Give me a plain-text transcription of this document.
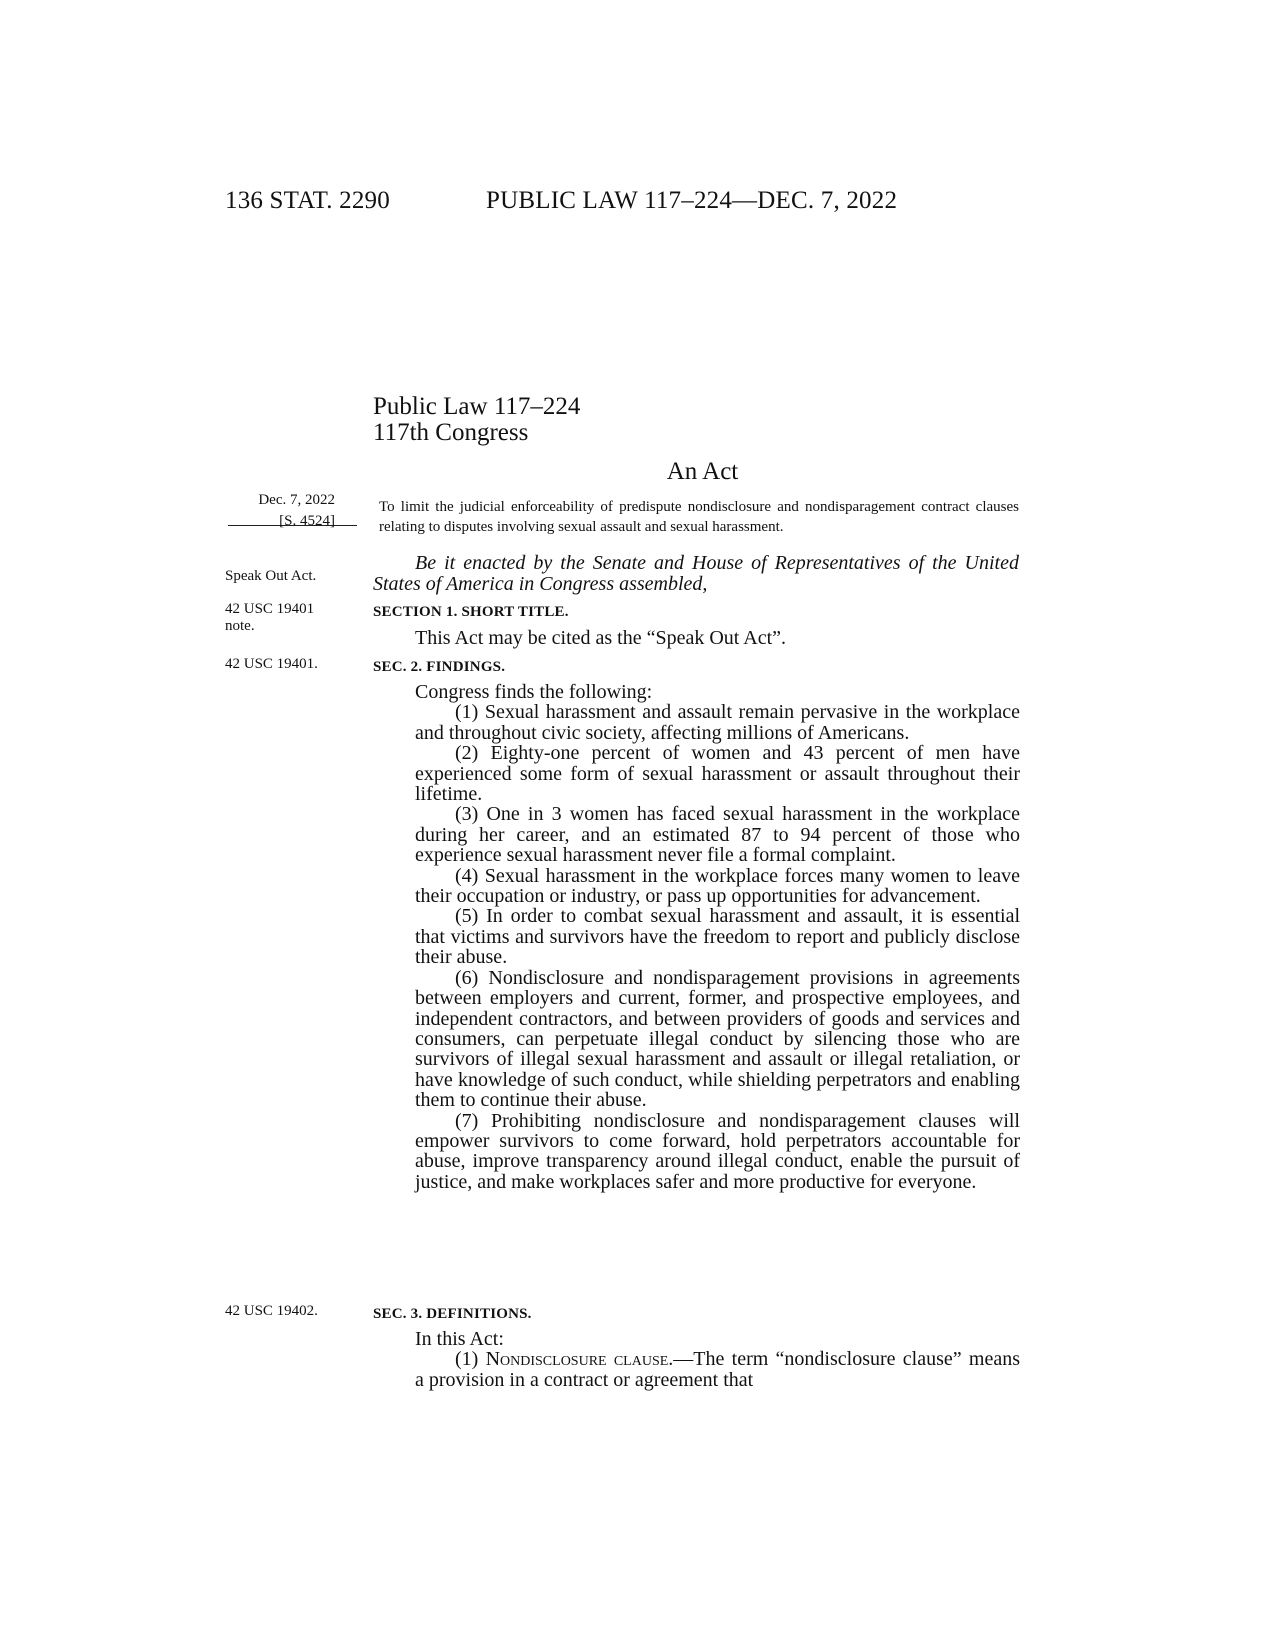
136 STAT. 2290	PUBLIC LAW 117–224—DEC. 7, 2022
Public Law 117–224
117th Congress
An Act
Dec. 7, 2022
[S. 4524]
Speak Out Act.
42 USC 19401
note.
42 USC 19401.
42 USC 19402.
To limit the judicial enforceability of predispute nondisclosure and nondisparagement contract clauses relating to disputes involving sexual assault and sexual harassment.
Be it enacted by the Senate and House of Representatives of the United States of America in Congress assembled,
SECTION 1. SHORT TITLE.
This Act may be cited as the “Speak Out Act”.
SEC. 2. FINDINGS.

Congress finds the following:

(1) Sexual harassment and assault remain pervasive in the workplace and throughout civic society, affecting millions of Americans.

(2) Eighty-one percent of women and 43 percent of men have experienced some form of sexual harassment or assault throughout their lifetime.

(3) One in 3 women has faced sexual harassment in the workplace during her career, and an estimated 87 to 94 percent of those who experience sexual harassment never file a formal complaint.

(4) Sexual harassment in the workplace forces many women to leave their occupation or industry, or pass up opportunities for advancement.

(5) In order to combat sexual harassment and assault, it is essential that victims and survivors have the freedom to report and publicly disclose their abuse.

(6) Nondisclosure and nondisparagement provisions in agreements between employers and current, former, and prospective employees, and independent contractors, and between providers of goods and services and consumers, can perpetuate illegal conduct by silencing those who are survivors of illegal sexual harassment and assault or illegal retaliation, or have knowledge of such conduct, while shielding perpetrators and enabling them to continue their abuse.

(7) Prohibiting nondisclosure and nondisparagement clauses will empower survivors to come forward, hold perpetrators accountable for abuse, improve transparency around illegal conduct, enable the pursuit of justice, and make workplaces safer and more productive for everyone.

SEC. 3. DEFINITIONS.

In this Act:

(1) Nondisclosure clause.—The term “nondisclosure clause” means a provision in a contract or agreement that
